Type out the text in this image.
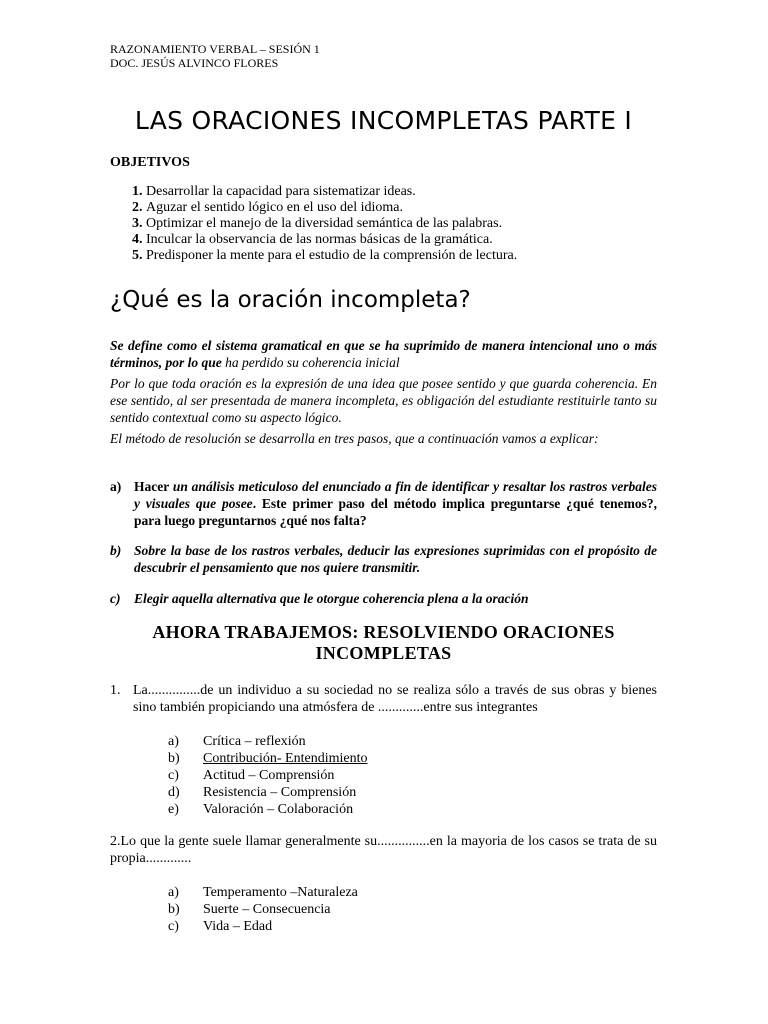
RAZONAMIENTO VERBAL – SESIÓN 1
DOC. JESÚS ALVINCO FLORES
LAS ORACIONES INCOMPLETAS PARTE I
OBJETIVOS
1. Desarrollar la capacidad para sistematizar ideas.
2. Aguzar el sentido lógico en el uso del idioma.
3. Optimizar el manejo de la diversidad semántica de las palabras.
4. Inculcar la observancia de las normas básicas de la gramática.
5. Predisponer la mente para el estudio de la comprensión de lectura.
¿Qué es la oración incompleta?
Se define como el sistema gramatical en que se ha suprimido de manera intencional uno o más términos, por lo que ha perdido su coherencia inicial
Por lo que toda oración es la expresión de una idea que posee sentido y que guarda coherencia. En ese sentido, al ser presentada de manera incompleta, es obligación del estudiante restituirle tanto su sentido contextual como su aspecto lógico.
El método de resolución se desarrolla en tres pasos, que a continuación vamos a explicar:
a) Hacer un análisis meticuloso del enunciado a fin de identificar y resaltar los rastros verbales y visuales que posee. Este primer paso del método implica preguntarse ¿qué tenemos?, para luego preguntarnos ¿qué nos falta?
b) Sobre la base de los rastros verbales, deducir las expresiones suprimidas con el propósito de descubrir el pensamiento que nos quiere transmitir.
c) Elegir aquella alternativa que le otorgue coherencia plena a la oración
AHORA TRABAJEMOS: RESOLVIENDO ORACIONES
INCOMPLETAS
1. La...............de un individuo a su sociedad no se realiza sólo a través de sus obras y bienes sino también propiciando una atmósfera de .............entre sus integrantes
a) Crítica – reflexión
b) Contribución- Entendimiento
c) Actitud – Comprensión
d) Resistencia – Comprensión
e) Valoración – Colaboración
2.Lo que la gente suele llamar generalmente su...............en la mayoria de los casos se trata de su propia.............
a) Temperamento –Naturaleza
b) Suerte – Consecuencia
c) Vida – Edad
